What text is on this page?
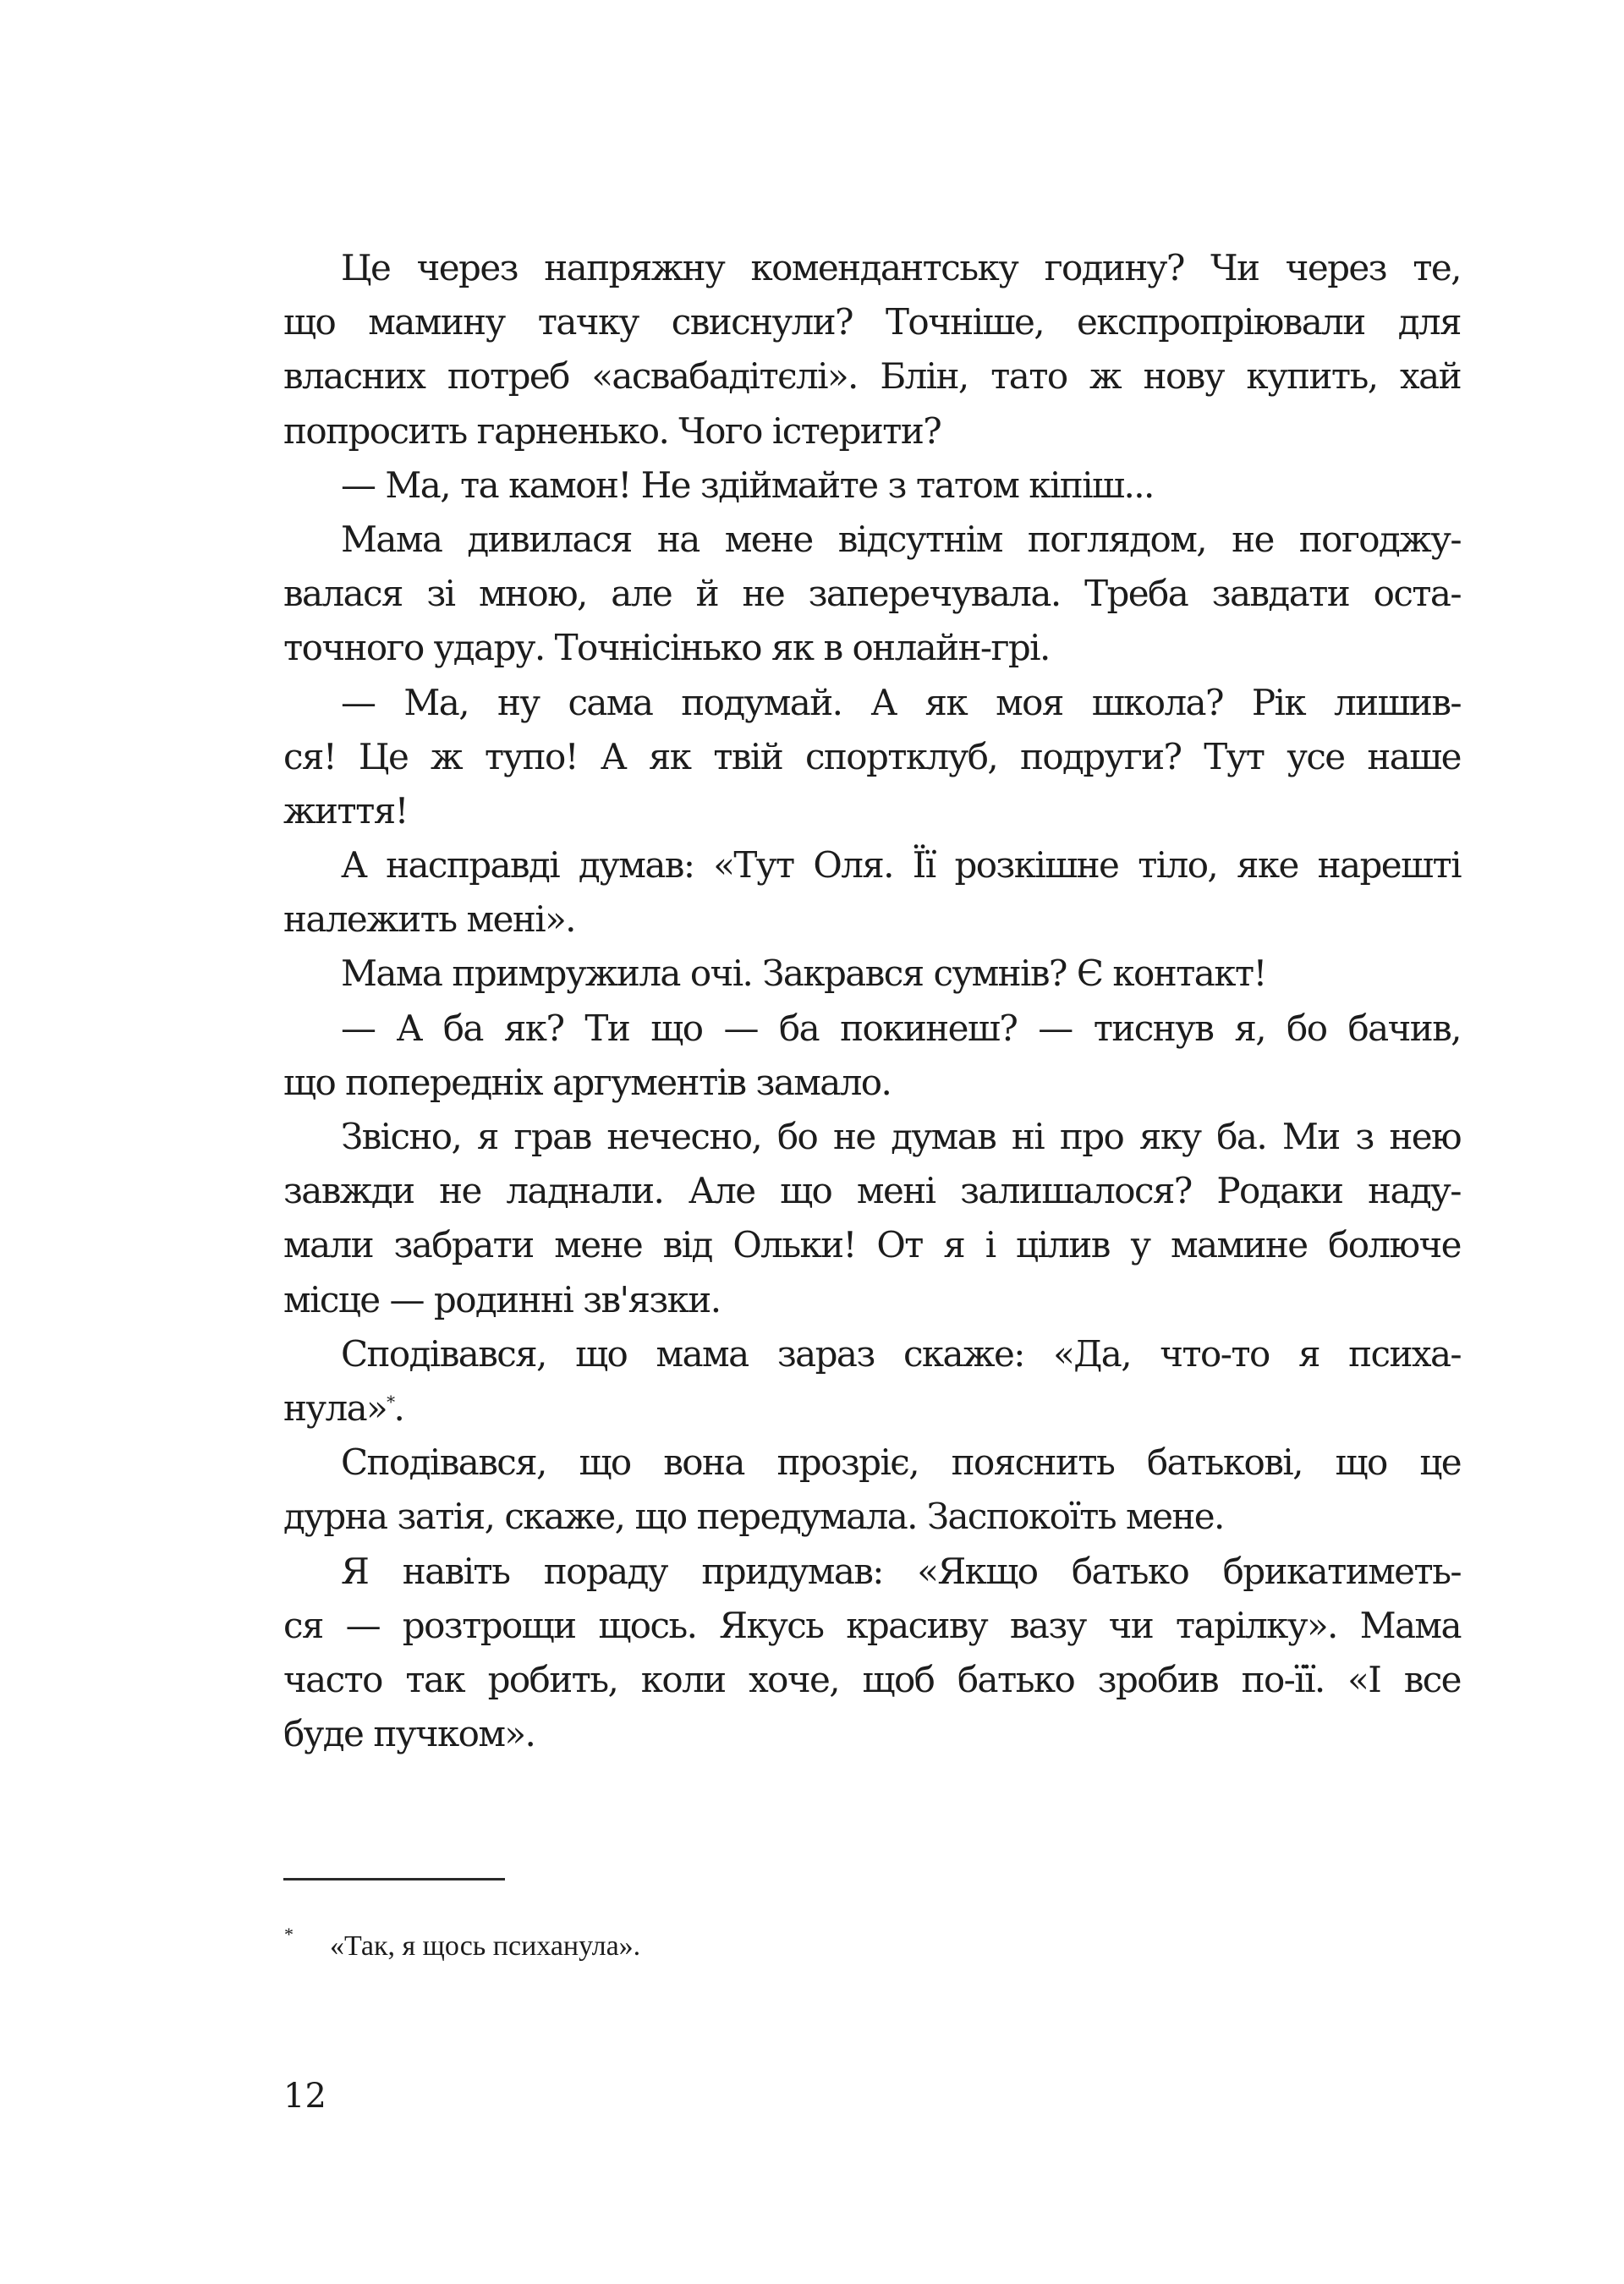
Це через напряжну комендантську годину? Чи через те,
що мамину тачку свиснули? Точніше, експропріювали для
власних потреб «асвабадітєлі». Блін, тато ж нову купить, хай
попросить гарненько. Чого істерити?
— Ма, та камон! Не здіймайте з татом кіпіш...
Мама дивилася на мене відсутнім поглядом, не погоджу-
валася зі мною, але й не заперечувала. Треба завдати оста-
точного удару. Точнісінько як в онлайн-грі.
— Ма, ну сама подумай. А як моя школа? Рік лишив-
ся! Це ж тупо! А як твій спортклуб, подруги? Тут усе наше
життя!
А насправді думав: «Тут Оля. Її розкішне тіло, яке нарешті
належить мені».
Мама примружила очі. Закрався сумнів? Є контакт!
— А ба як? Ти що — ба покинеш? — тиснув я, бо бачив,
що попередніх аргументів замало.
Звісно, я грав нечесно, бо не думав ні про яку ба. Ми з нею
завжди не ладнали. Але що мені залишалося? Родаки наду-
мали забрати мене від Ольки! От я і цілив у мамине болюче
місце — родинні зв'язки.
Сподівався, що мама зараз скаже: «Да, что-то я психа-
нула»*.
Сподівався, що вона прозріє, пояснить батькові, що це
дурна затія, скаже, що передумала. Заспокоїть мене.
Я навіть пораду придумав: «Якщо батько брикатиметь-
ся — розтрощи щось. Якусь красиву вазу чи тарілку». Мама
часто так робить, коли хоче, щоб батько зробив по-її. «І все
буде пучком».
* «Так, я щось психанула».
12
